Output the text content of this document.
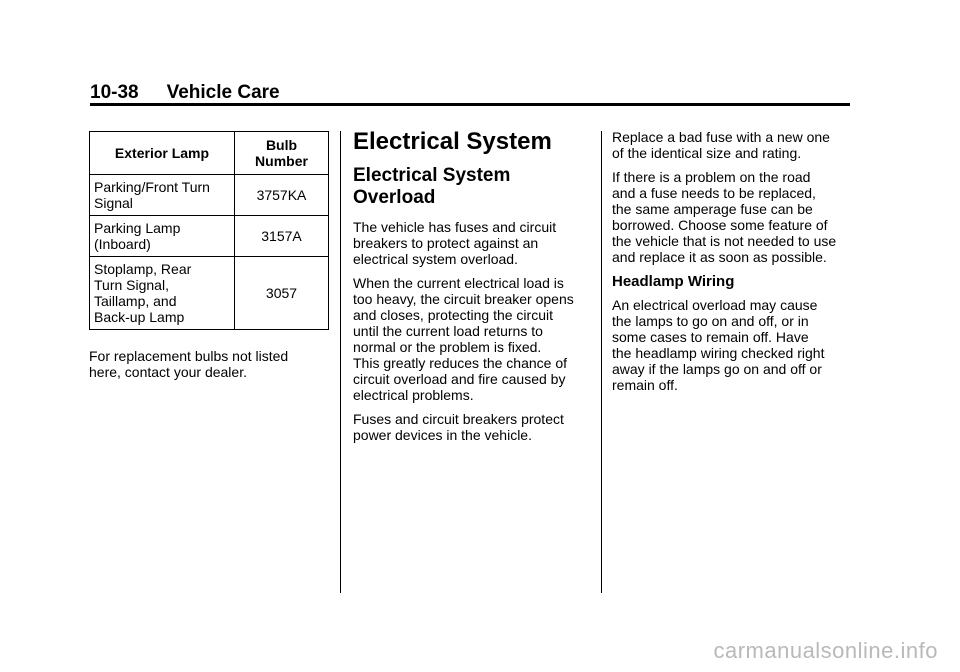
10-38 Vehicle Care
Exterior Lamp	Bulb
Number
Parking/Front Turn
Signal	3757KA
Parking Lamp
(Inboard)	3157A
Stoplamp, Rear
Turn Signal,
Taillamp, and
Back-up Lamp	3057

For replacement bulbs not listed
here, contact your dealer.

Electrical System
Electrical System
Overload

The vehicle has fuses and circuit
breakers to protect against an
electrical system overload.

When the current electrical load is
too heavy, the circuit breaker opens
and closes, protecting the circuit
until the current load returns to
normal or the problem is fixed.
This greatly reduces the chance of
circuit overload and fire caused by
electrical problems.

Fuses and circuit breakers protect
power devices in the vehicle.

Replace a bad fuse with a new one
of the identical size and rating.

If there is a problem on the road
and a fuse needs to be replaced,
the same amperage fuse can be
borrowed. Choose some feature of
the vehicle that is not needed to use
and replace it as soon as possible.

Headlamp Wiring

An electrical overload may cause
the lamps to go on and off, or in
some cases to remain off. Have
the headlamp wiring checked right
away if the lamps go on and off or
remain off.

carmanualsonline.info
